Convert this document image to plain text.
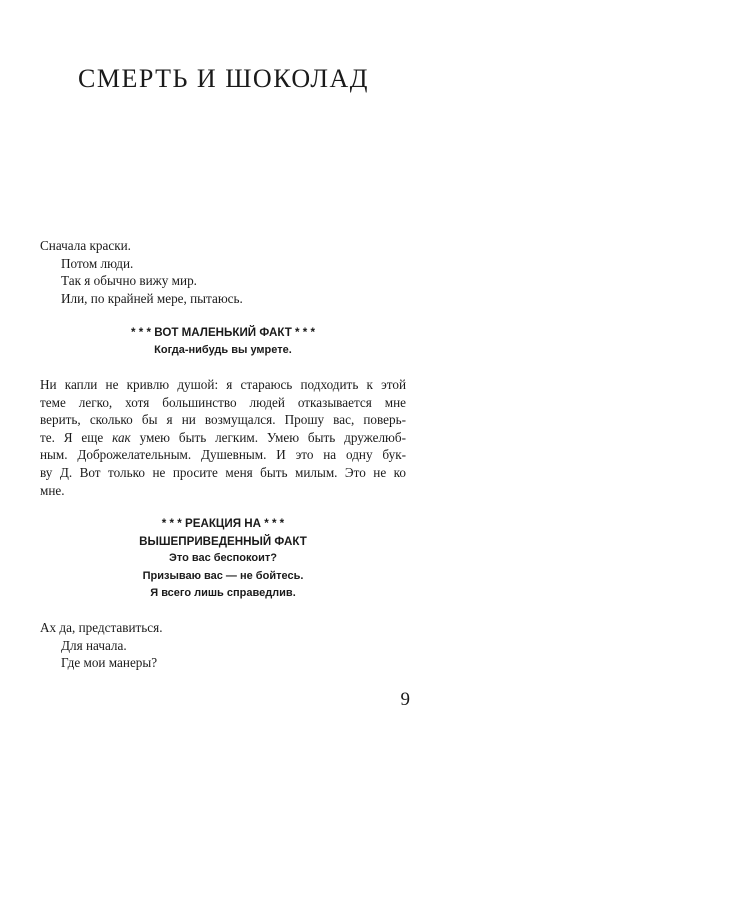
СМЕРТЬ И ШОКОЛАД
Сначала краски.
Потом люди.
Так я обычно вижу мир.
Или, по крайней мере, пытаюсь.
* * * ВОТ МАЛЕНЬКИЙ ФАКТ * * *
Когда-нибудь вы умрете.
Ни капли не кривлю душой: я стараюсь подходить к этой
теме легко, хотя большинство людей отказывается мне
верить, сколько бы я ни возмущался. Прошу вас, поверь-
те. Я еще как умею быть легким. Умею быть дружелюб-
ным. Доброжелательным. Душевным. И это на одну бук-
ву Д. Вот только не просите меня быть милым. Это не ко
мне.
* * * РЕАКЦИЯ НА * * *
ВЫШЕПРИВЕДЕННЫЙ ФАКТ
Это вас беспокоит?
Призываю вас — не бойтесь.
Я всего лишь справедлив.
Ах да, представиться.
Для начала.
Где мои манеры?
9
